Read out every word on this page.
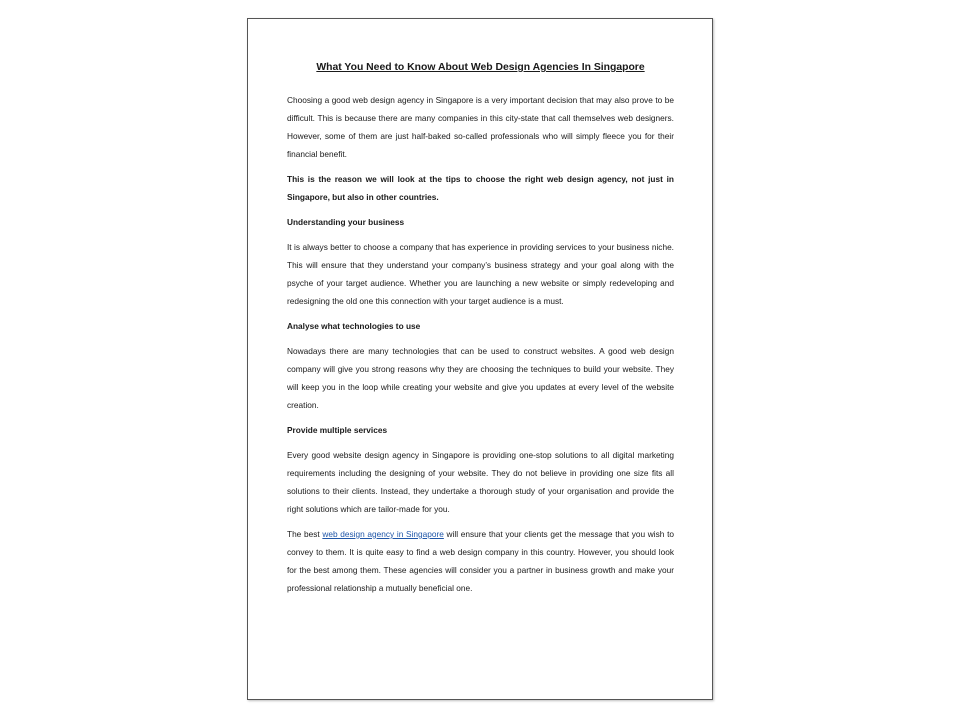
What You Need to Know About Web Design Agencies In Singapore

Choosing a good web design agency in Singapore is a very important decision that may also prove to be difficult. This is because there are many companies in this city-state that call themselves web designers. However, some of them are just half-baked so-called professionals who will simply fleece you for their financial benefit.

This is the reason we will look at the tips to choose the right web design agency, not just in Singapore, but also in other countries.

Understanding your business

It is always better to choose a company that has experience in providing services to your business niche. This will ensure that they understand your company’s business strategy and your goal along with the psyche of your target audience. Whether you are launching a new website or simply redeveloping and redesigning the old one this connection with your target audience is a must.

Analyse what technologies to use

Nowadays there are many technologies that can be used to construct websites. A good web design company will give you strong reasons why they are choosing the techniques to build your website. They will keep you in the loop while creating your website and give you updates at every level of the website creation.

Provide multiple services

Every good website design agency in Singapore is providing one-stop solutions to all digital marketing requirements including the designing of your website. They do not believe in providing one size fits all solutions to their clients. Instead, they undertake a thorough study of your organisation and provide the right solutions which are tailor-made for you.

The best web design agency in Singapore will ensure that your clients get the message that you wish to convey to them. It is quite easy to find a web design company in this country. However, you should look for the best among them. These agencies will consider you a partner in business growth and make your professional relationship a mutually beneficial one.
